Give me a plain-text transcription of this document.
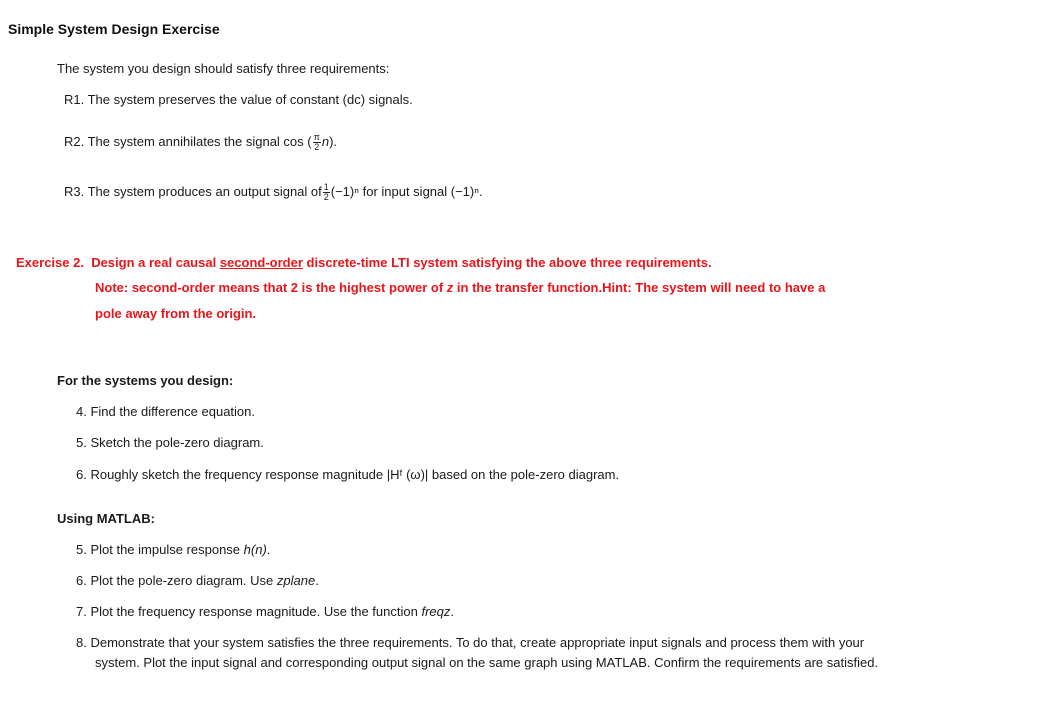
Simple System Design Exercise
The system you design should satisfy three requirements:
R1. The system preserves the value of constant (dc) signals.
R2. The system annihilates the signal cos ( $\frac{\pi}{2} n$).
R3. The system produces an output signal of $\frac{1}{2} (-1)^n$ for input signal (−1)ⁿ.
Exercise 2. Design a real causal second-order discrete-time LTI system satisfying the above three requirements.
Note: second-order means that 2 is the highest power of z in the transfer function.Hint: The system will need to have a
pole away from the origin.
For the systems you design:
4. Find the difference equation.
5. Sketch the pole-zero diagram.
6. Roughly sketch the frequency response magnitude |Hᶠ (ω)| based on the pole-zero diagram.
Using MATLAB:
5. Plot the impulse response h(n).
6. Plot the pole-zero diagram. Use zplane.
7. Plot the frequency response magnitude. Use the function freqz.
8. Demonstrate that your system satisfies the three requirements. To do that, create appropriate input signals and process them with your
system. Plot the input signal and corresponding output signal on the same graph using MATLAB. Confirm the requirements are satisfied.
